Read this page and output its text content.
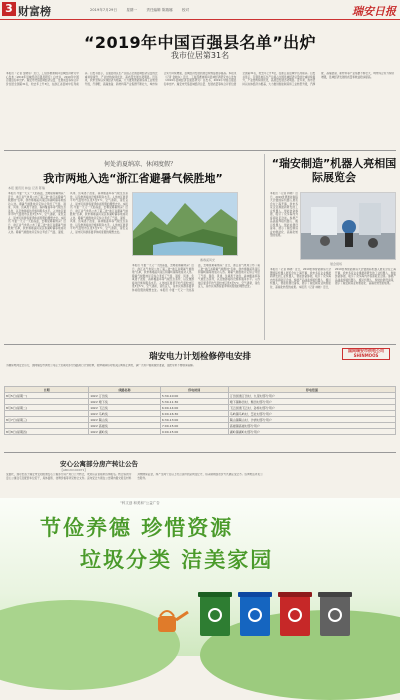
3 财富榜	2019年7月29日	星期一	责任编辑 陈瑞娜	校对	瑞安日报
“2019年中国百强县名单”出炉
我市位居第31名
本报讯（记者 金晓东）近日，工信部赛迪顾问县域经济研究中心发布《2019年县域经济百强县研究》白皮书，2019年中国百强县名单出炉。瑞安市凭借县域经济总量、发展质量等综合评价位居全国第31名，较去年上升3位，在浙江省县域中名列前茅。白皮书显示，百强县地区生产总值占全国县域经济总量的比重持续提升，产业结构持续优化，高质量发展态势明显。近年来，我市坚持以实体经济为根基，大力推进智能制造和工业转型升级，汽摩配、高端装备、新材料等产业集群不断壮大，城市综合实力持续增强，县域经济发展的质量和效益稳步提高。本报讯（记者 金晓东）近日，工信部赛迪顾问县域经济研究中心发布《2019年县域经济百强县研究》白皮书，2019年中国百强县名单出炉。瑞安市凭借县域经济总量、发展质量等综合评价位居全国第31名，较去年上升3位，在浙江省县域中名列前茅。白皮书显示，百强县地区生产总值占全国县域经济总量的比重持续提升，产业结构持续优化，高质量发展态势明显。近年来，我市坚持以实体经济为根基，大力推进智能制造和工业转型升级，汽摩配、高端装备、新材料等产业集群不断壮大，城市综合实力持续增强，县域经济发展的质量和效益稳步提高。
何处消夏纳凉、休闲度假？
我市两地入选“浙江省避暑气候胜地”
本报 通讯员 林益 记者 陈瑞
本报讯 今夏一天又一天的高温，去哪里避暑纳凉？近日，浙江省气象局公布了第三批“浙江省避暑气候胜地”名单，我市寨寮溪风景区和湖岭镇等地成功入选。避暑气候胜地评定综合考虑了气温、湿度、风速、负氧离子浓度、森林覆盖率等气候生态条件，以及旅游接待设施和服务水平。入选地区夏季平均气温较市区低3至5℃，空气清新，景色宜人，是市民和游客夏季休闲度假的理想去处。本报讯 今夏一天又一天的高温，去哪里避暑纳凉？近日，浙江省气象局公布了第三批“浙江省避暑气候胜地”名单，我市寨寮溪风景区和湖岭镇等地成功入选。避暑气候胜地评定综合考虑了气温、湿度、风速、负氧离子浓度、森林覆盖率等气候生态条件，以及旅游接待设施和服务水平。入选地区夏季平均气温较市区低3至5℃，空气清新，景色宜人，是市民和游客夏季休闲度假的理想去处。本报讯 今夏一天又一天的高温，去哪里避暑纳凉？近日，浙江省气象局公布了第三批“浙江省避暑气候胜地”名单，我市寨寮溪风景区和湖岭镇等地成功入选。避暑气候胜地评定综合考虑了气温、湿度、风速、负氧离子浓度、森林覆盖率等气候生态条件，以及旅游接待设施和服务水平。入选地区夏季平均气温较市区低3至5℃，空气清新，景色宜人，是市民和游客夏季休闲度假的理想去处。
寨寮溪风光
本报讯 今夏一天又一天的高温，去哪里避暑纳凉？近日，浙江省气象局公布了第三批“浙江省避暑气候胜地”名单，我市寨寮溪风景区和湖岭镇等地成功入选。避暑气候胜地评定综合考虑了气温、湿度、风速、负氧离子浓度、森林覆盖率等气候生态条件，以及旅游接待设施和服务水平。入选地区夏季平均气温较市区低3至5℃，空气清新，景色宜人，是市民和游客夏季休闲度假的理想去处。本报讯 今夏一天又一天的高温，去哪里避暑纳凉？近日，浙江省气象局公布了第三批“浙江省避暑气候胜地”名单，我市寨寮溪风景区和湖岭镇等地成功入选。避暑气候胜地评定综合考虑了气温、湿度、风速、负氧离子浓度、森林覆盖率等气候生态条件，以及旅游接待设施和服务水平。入选地区夏季平均气温较市区低3至5℃，空气清新，景色宜人，是市民和游客夏季休闲度假的理想去处。
“瑞安制造”机器人亮相国际展览会
本报讯（记者 林晓）近日，2019世界智能制造大会暨国际机器人展览会在上海开幕，我市多家企业携最新研发的工业机器人、智能装备参展，吸引了众多海内外客商驻足洽谈。参展产品涵盖焊接机器人、搬运机器人、智能检测设备等，展示了瑞安制造业向智能化、高端化转型的成果。
展会现场
本报讯（记者 林晓）近日，2019世界智能制造大会暨国际机器人展览会在上海开幕，我市多家企业携最新研发的工业机器人、智能装备参展，吸引了众多海内外客商驻足洽谈。参展产品涵盖焊接机器人、搬运机器人、智能检测设备等，展示了瑞安制造业向智能化、高端化转型的成果。本报讯（记者 林晓）近日，2019世界智能制造大会暨国际机器人展览会在上海开幕，我市多家企业携最新研发的工业机器人、智能装备参展，吸引了众多海内外客商驻足洽谈。参展产品涵盖焊接机器人、搬运机器人、智能检测设备等，展示了瑞安制造业向智能化、高端化转型的成果。
瑞安电力计划检修停电安排
国网瑞安市供电公司 SHINMOOS
为确保电网安全运行，国网瑞安市供电公司定于近期对部分线路进行计划检修，检修期间将对相关区域停止供电，请广大用户提前做好准备，由此带来不便敬请谅解。
日期	线路名称	停电时间	停电范围
8月5日(星期一)	10kV 汀田线	5:30-10:00	汀田街道汀田村、九里村部分用户
	10kV 塘下线	5:30-11:30	塘下镇韩田村、鲍田村部分用户
8月6日(星期二)	10kV 飞云线	6:00-14:00	飞云街道飞云村、孙桥村部分用户
	10kV 马屿线	6:00-16:30	马屿镇马屿村、篁社村部分用户
8月7日(星期三)	10kV 陶山线	6:30-13:00	陶山镇陶山村、沙洲村部分用户
	10kV 高楼线	7:00-15:00	高楼镇高楼村部分用户
8月8日(星期四)	10kV 湖岭线	9:00-15:00	湖岭镇湖岭村部分用户
安心公寓部分房产转让公告
【ABC20190071】
受委托，现对坐落于瑞安市安阳街道安心公寓部分房产进行公开转让，欢迎有意者前来咨询报名。转让标的为安心公寓住宅及配套车位若干，具体面积、挂牌价格等详见转让文件。意向受让方须在公告期内提交报名材料并缴纳保证金，如产生两个及以上符合条件的意向受让方，将采取网络竞价方式确定受让方。咨询电话详见公告附件。
“科文创 和美和”公益广告
节俭养德 珍惜资源
垃圾分类 洁美家园
